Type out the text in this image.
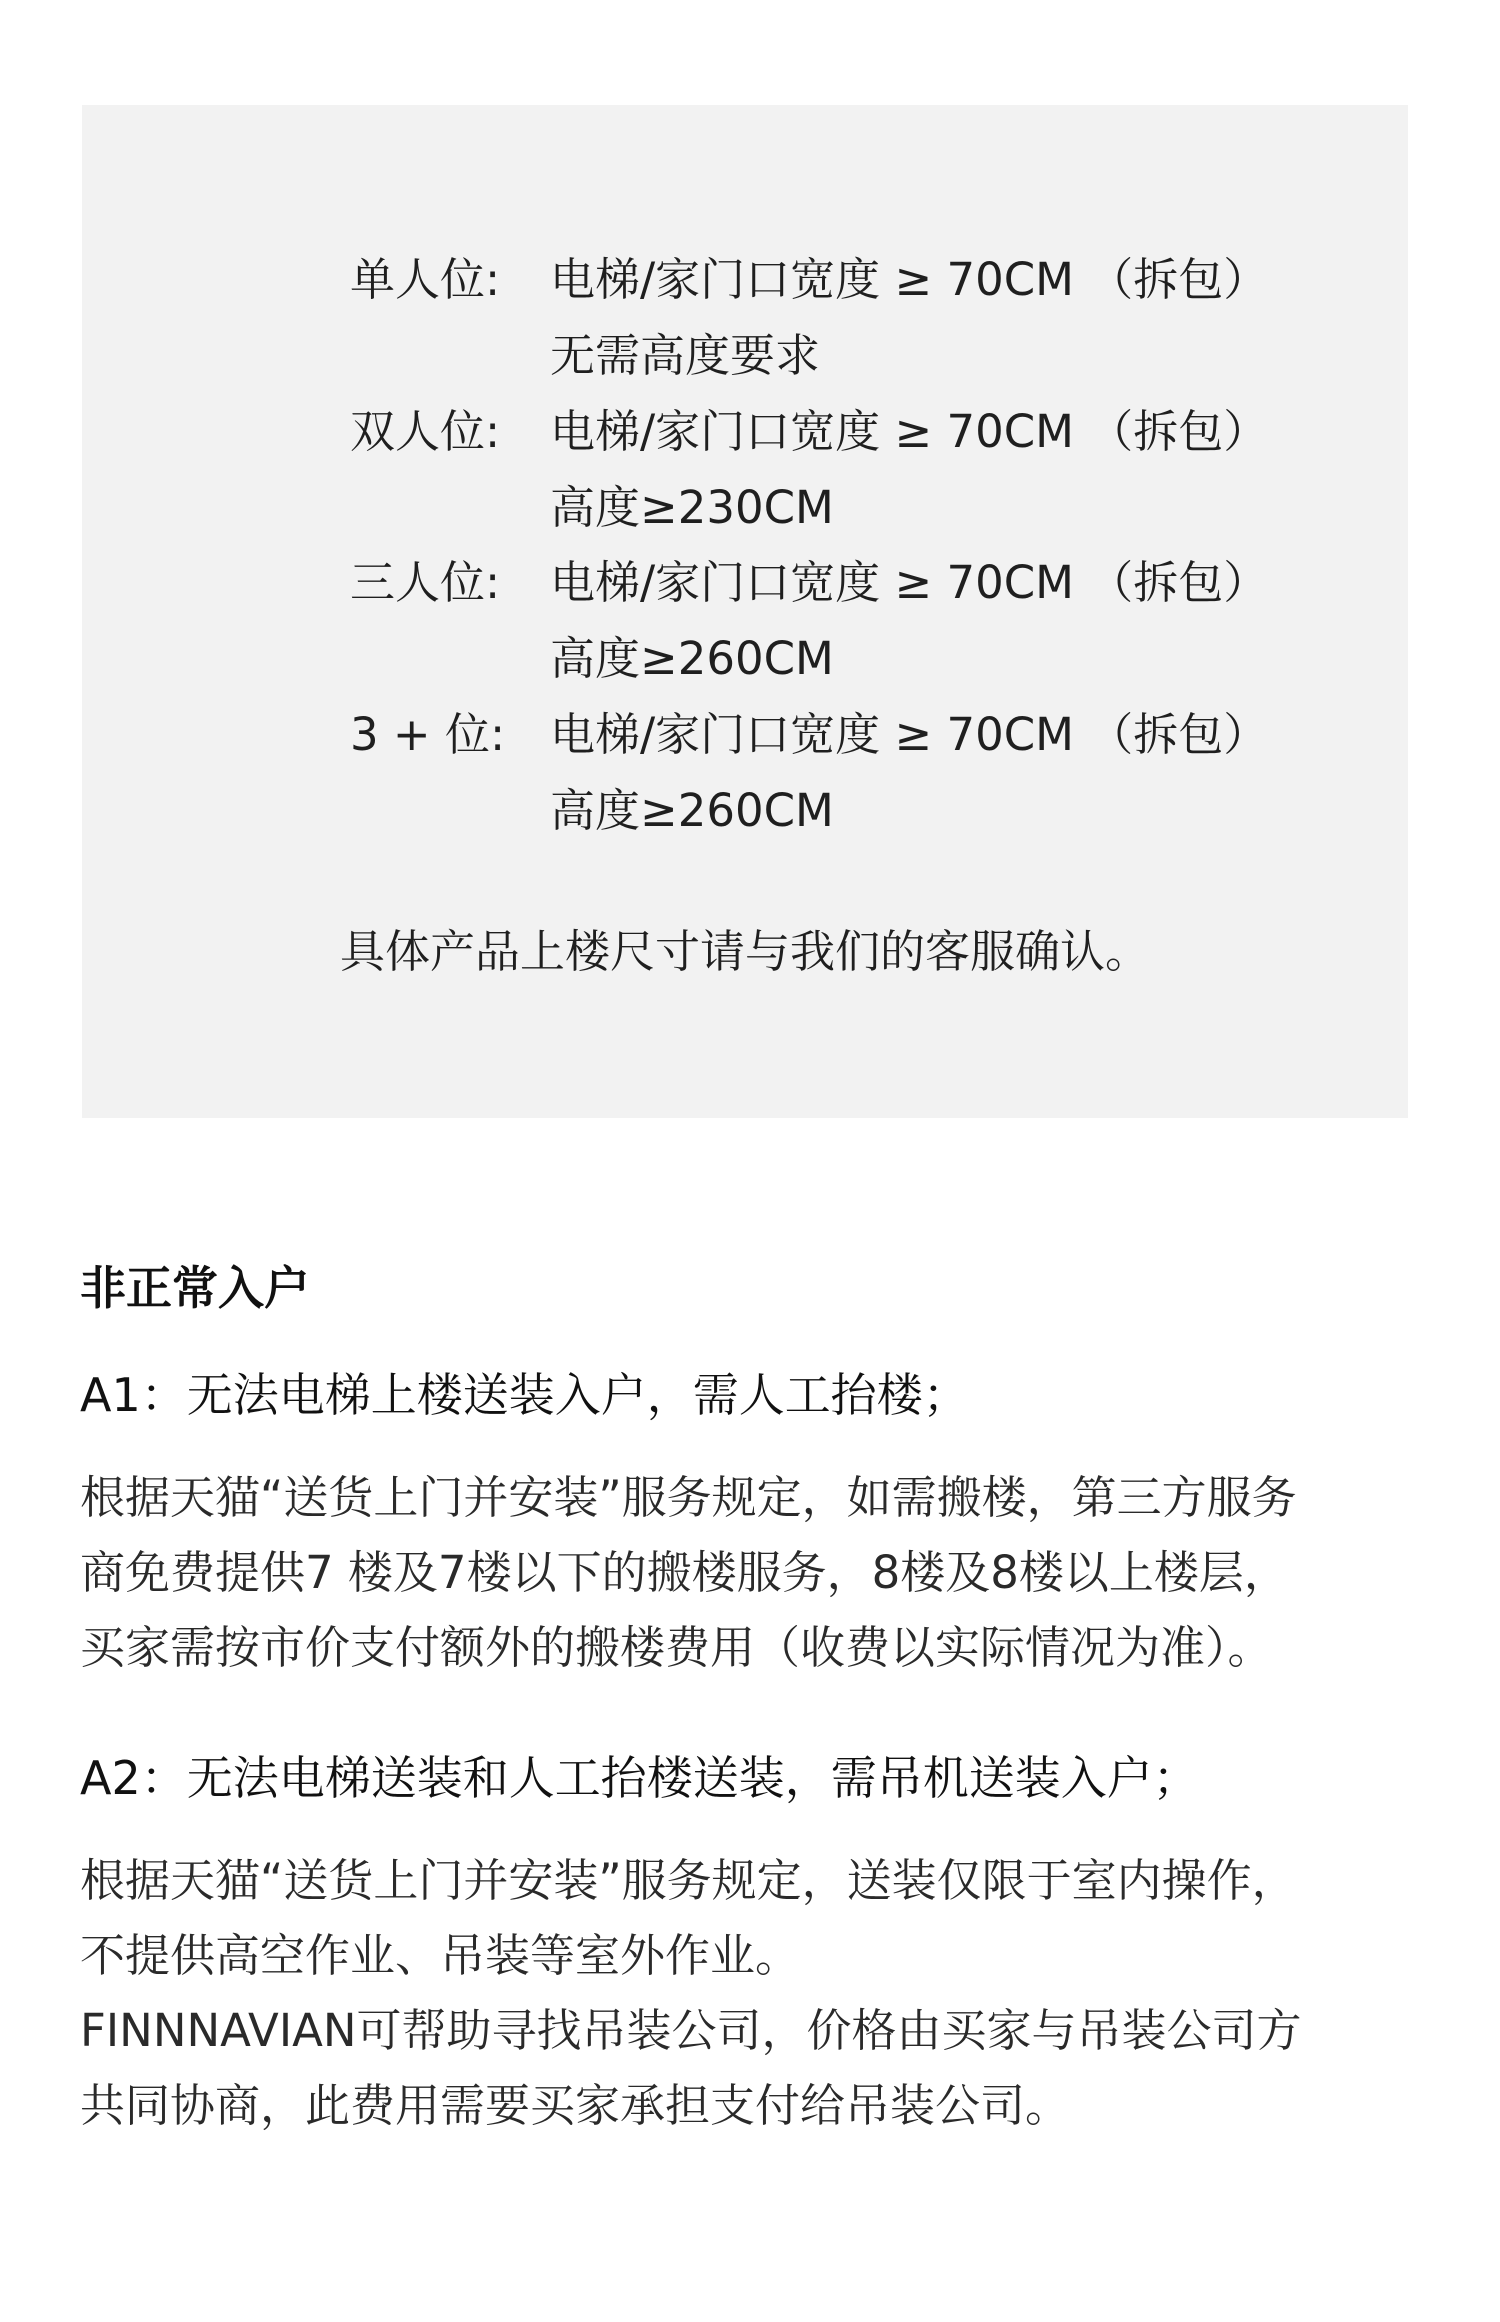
单人位: 电梯/家门口宽度 ≥ 70CM （拆包）
无需高度要求
双人位: 电梯/家门口宽度 ≥ 70CM （拆包）
高度≥230CM
三人位: 电梯/家门口宽度 ≥ 70CM （拆包）
高度≥260CM
3 + 位: 电梯/家门口宽度 ≥ 70CM （拆包）
高度≥260CM
具体产品上楼尺寸请与我们的客服确认。
非正常入户
A1：无法电梯上楼送装入户，需人工抬楼；
根据天猫“送货上门并安装”服务规定，如需搬楼，第三方服务
商免费提供7 楼及7楼以下的搬楼服务，8楼及8楼以上楼层，
买家需按市价支付额外的搬楼费用（收费以实际情况为准）。
A2：无法电梯送装和人工抬楼送装，需吊机送装入户；
根据天猫“送货上门并安装”服务规定，送装仅限于室内操作，
不提供高空作业、吊装等室外作业。
FINNNAVIAN可帮助寻找吊装公司，价格由买家与吊装公司方
共同协商，此费用需要买家承担支付给吊装公司。
